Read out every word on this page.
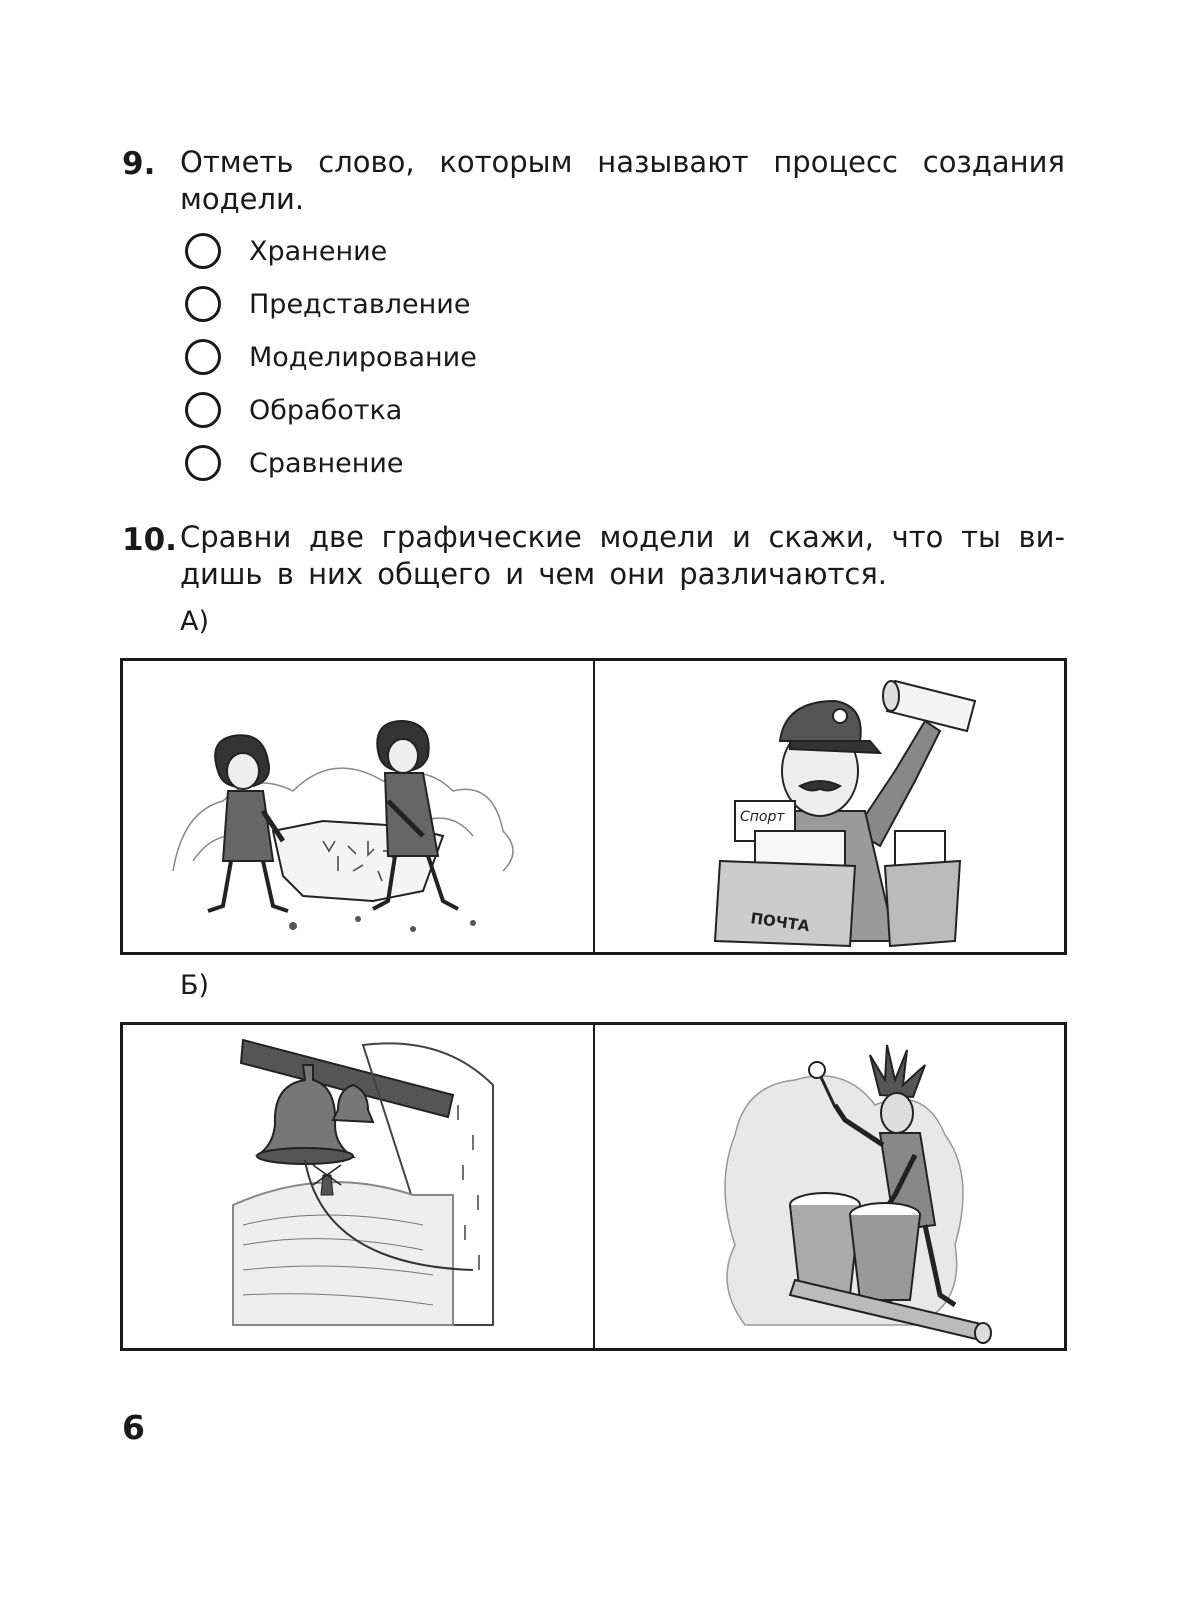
9. Отметь слово, которым называют процесс создания
модели.
Хранение
Представление
Моделирование
Обработка
Сравнение
10. Сравни две графические модели и скажи, что ты ви-
дишь в них общего и чем они различаются.
А)
Спорт
ПОЧТА
Б)
6
